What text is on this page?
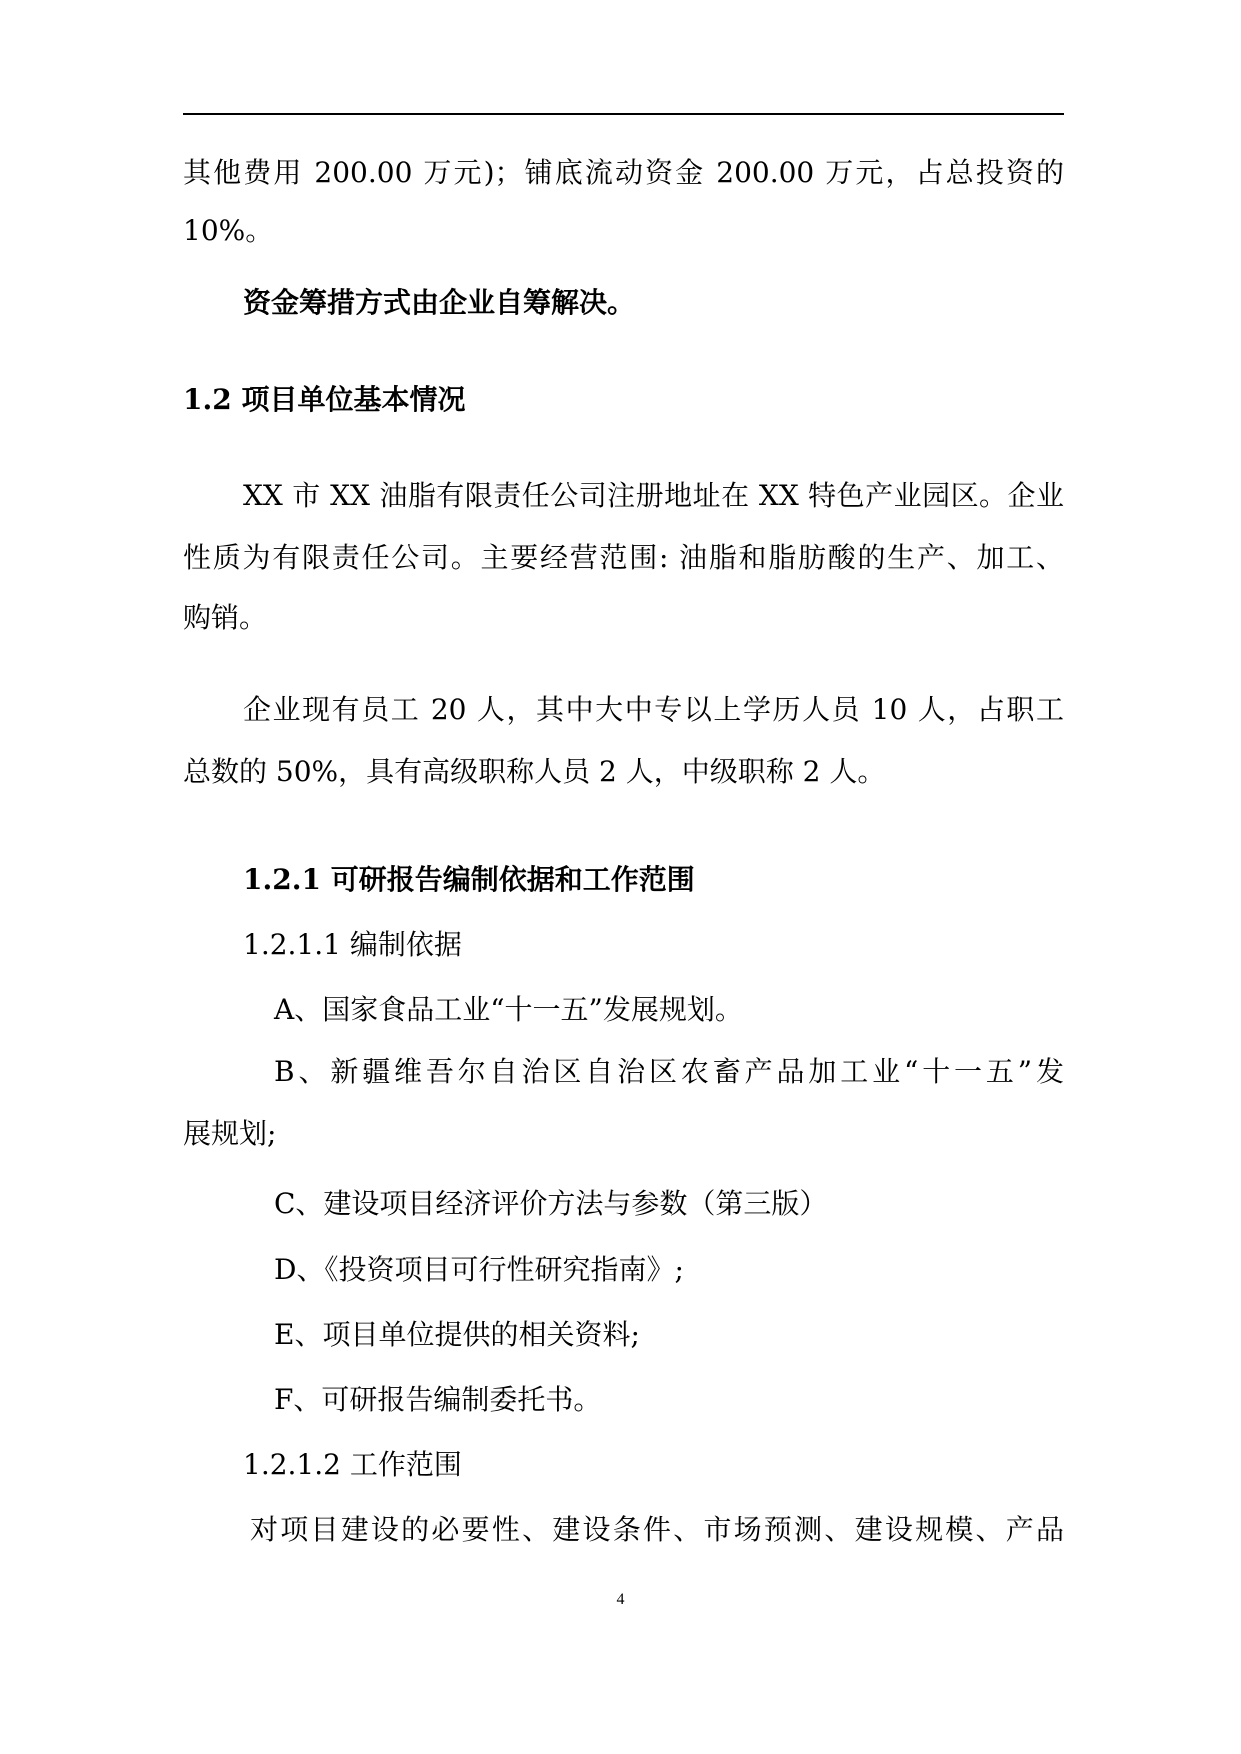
其他费用 200.00 万元)；铺底流动资金 200.00 万元，占总投资的
10%。
资金筹措方式由企业自筹解决。
1.2 项目单位基本情况
XX 市 XX 油脂有限责任公司注册地址在 XX 特色产业园区。企业
性质为有限责任公司。主要经营范围: 油脂和脂肪酸的生产、加工、
购销。
企业现有员工 20 人，其中大中专以上学历人员 10 人，占职工
总数的 50%，具有高级职称人员 2 人，中级职称 2 人。
1.2.1 可研报告编制依据和工作范围
1.2.1.1 编制依据
A、国家食品工业“十一五”发展规划。
B、新疆维吾尔自治区自治区农畜产品加工业“十一五”发
展规划;
C、建设项目经济评价方法与参数（第三版）
D、《投资项目可行性研究指南》;
E、项目单位提供的相关资料;
F、可研报告编制委托书。
1.2.1.2 工作范围
对项目建设的必要性、建设条件、市场预测、建设规模、产品
4
